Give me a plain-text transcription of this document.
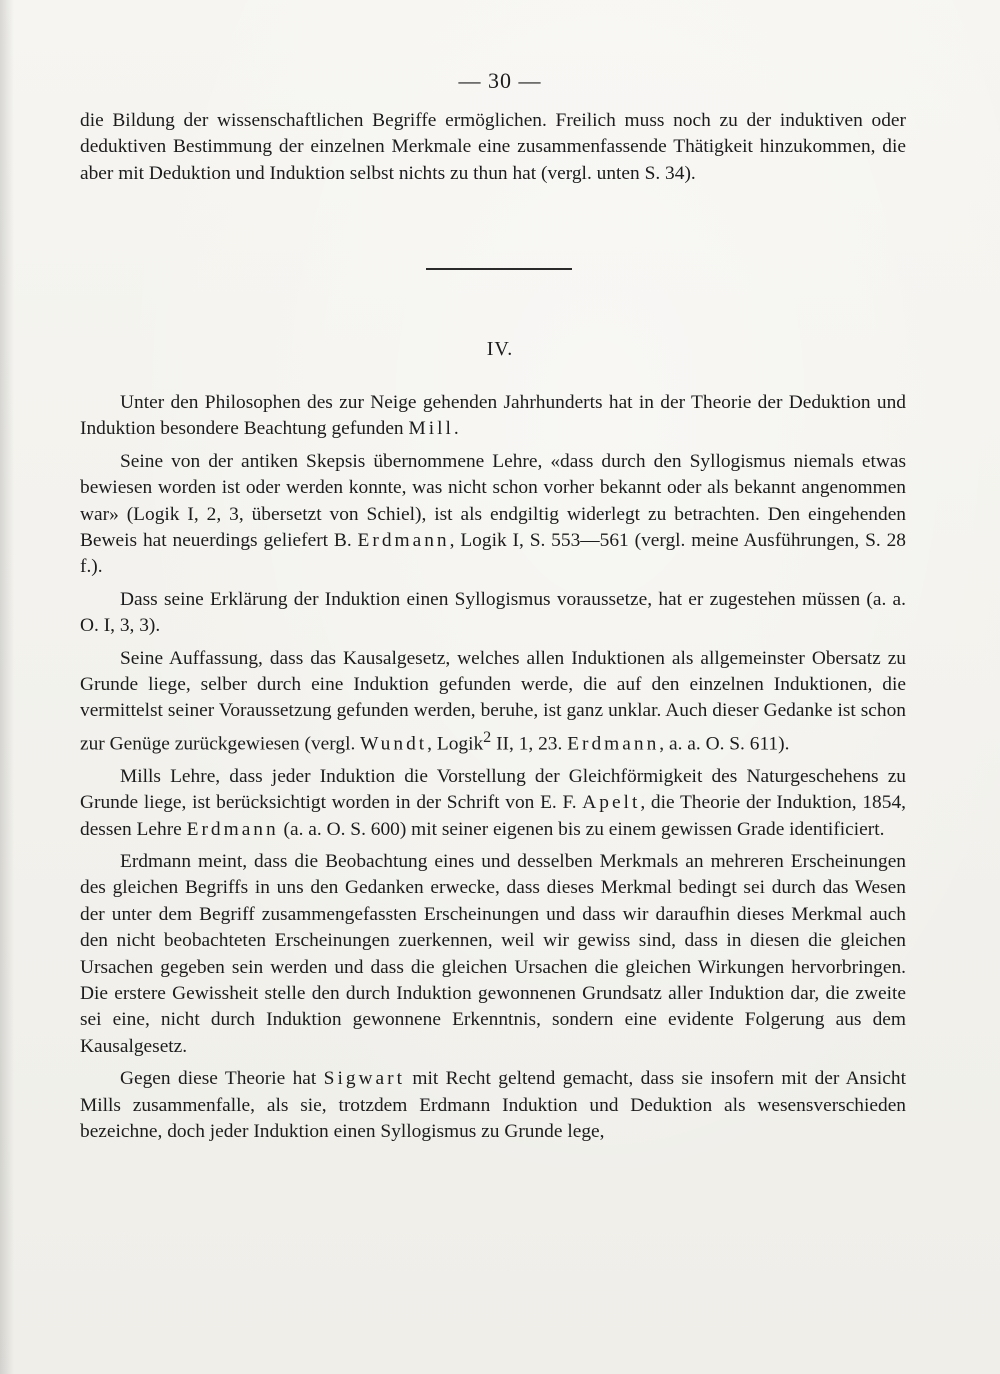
— 30 —

die Bildung der wissenschaftlichen Begriffe ermöglichen. Freilich muss noch zu der induktiven oder deduktiven Bestimmung der einzelnen Merkmale eine zusammenfassende Thätigkeit hinzukommen, die aber mit Deduktion und Induktion selbst nichts zu thun hat (vergl. unten S. 34).

IV.

Unter den Philosophen des zur Neige gehenden Jahrhunderts hat in der Theorie der Deduktion und Induktion besondere Beachtung gefunden Mill.

Seine von der antiken Skepsis übernommene Lehre, «dass durch den Syllogismus niemals etwas bewiesen worden ist oder werden konnte, was nicht schon vorher bekannt oder als bekannt angenommen war» (Logik I, 2, 3, übersetzt von Schiel), ist als endgiltig widerlegt zu betrachten. Den eingehenden Beweis hat neuerdings geliefert B. Erdmann, Logik I, S. 553—561 (vergl. meine Ausführungen, S. 28 f.).

Dass seine Erklärung der Induktion einen Syllogismus voraussetze, hat er zugestehen müssen (a. a. O. I, 3, 3).

Seine Auffassung, dass das Kausalgesetz, welches allen Induktionen als allgemeinster Obersatz zu Grunde liege, selber durch eine Induktion gefunden werde, die auf den einzelnen Induktionen, die vermittelst seiner Voraussetzung gefunden werden, beruhe, ist ganz unklar. Auch dieser Gedanke ist schon zur Genüge zurückgewiesen (vergl. Wundt, Logik$^2$ II, 1, 23. Erdmann, a. a. O. S. 611).

Mills Lehre, dass jeder Induktion die Vorstellung der Gleichförmigkeit des Naturgeschehens zu Grunde liege, ist berücksichtigt worden in der Schrift von E. F. Apelt, die Theorie der Induktion, 1854, dessen Lehre Erdmann (a. a. O. S. 600) mit seiner eigenen bis zu einem gewissen Grade identificiert.

Erdmann meint, dass die Beobachtung eines und desselben Merkmals an mehreren Erscheinungen des gleichen Begriffs in uns den Gedanken erwecke, dass dieses Merkmal bedingt sei durch das Wesen der unter dem Begriff zusammengefassten Erscheinungen und dass wir daraufhin dieses Merkmal auch den nicht beobachteten Erscheinungen zuerkennen, weil wir gewiss sind, dass in diesen die gleichen Ursachen gegeben sein werden und dass die gleichen Ursachen die gleichen Wirkungen hervorbringen. Die erstere Gewissheit stelle den durch Induktion gewonnenen Grundsatz aller Induktion dar, die zweite sei eine, nicht durch Induktion gewonnene Erkenntnis, sondern eine evidente Folgerung aus dem Kausalgesetz.

Gegen diese Theorie hat Sigwart mit Recht geltend gemacht, dass sie insofern mit der Ansicht Mills zusammenfalle, als sie, trotzdem Erdmann Induktion und Deduktion als wesensverschieden bezeichne, doch jeder Induktion einen Syllogismus zu Grunde lege,
